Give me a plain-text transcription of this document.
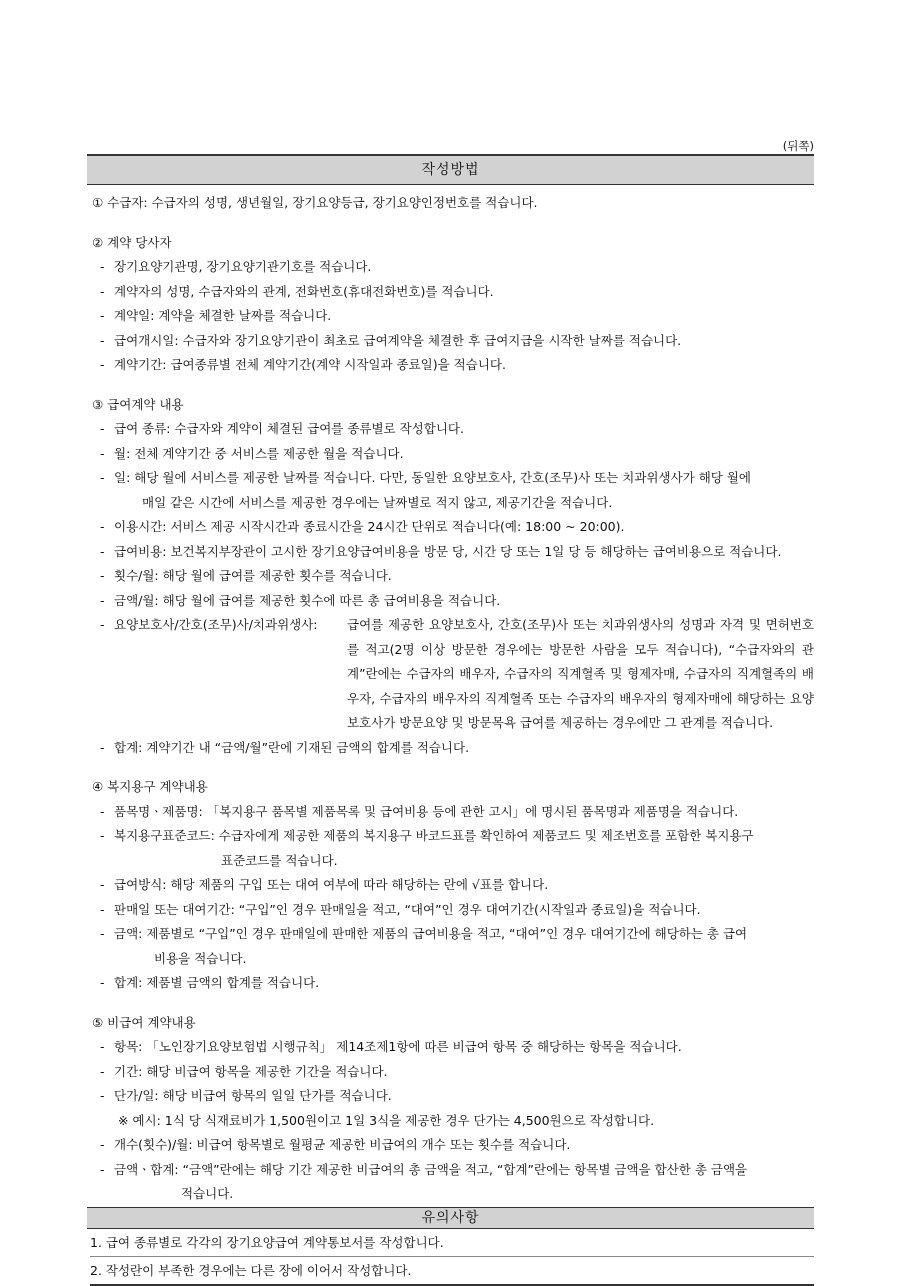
(뒤쪽)
작성방법
① 수급자: 수급자의 성명, 생년월일, 장기요양등급, 장기요양인정번호를 적습니다.
② 계약 당사자
- 장기요양기관명, 장기요양기관기호를 적습니다.
- 계약자의 성명, 수급자와의 관계, 전화번호(휴대전화번호)를 적습니다.
- 계약일: 계약을 체결한 날짜를 적습니다.
- 급여개시일: 수급자와 장기요양기관이 최초로 급여계약을 체결한 후 급여지급을 시작한 날짜를 적습니다.
- 계약기간: 급여종류별 전체 계약기간(계약 시작일과 종료일)을 적습니다.
③ 급여계약 내용
- 급여 종류: 수급자와 계약이 체결된 급여를 종류별로 작성합니다.
- 월: 전체 계약기간 중 서비스를 제공한 월을 적습니다.
- 일: 해당 월에 서비스를 제공한 날짜를 적습니다. 다만, 동일한 요양보호사, 간호(조무)사 또는 치과위생사가 해당 월에
매일 같은 시간에 서비스를 제공한 경우에는 날짜별로 적지 않고, 제공기간을 적습니다.
- 이용시간: 서비스 제공 시작시간과 종료시간을 24시간 단위로 적습니다(예: 18:00 ~ 20:00).
- 급여비용: 보건복지부장관이 고시한 장기요양급여비용을 방문 당, 시간 당 또는 1일 당 등 해당하는 급여비용으로 적습니다.
- 횟수/월: 해당 월에 급여를 제공한 횟수를 적습니다.
- 금액/월: 해당 월에 급여를 제공한 횟수에 따른 총 급여비용을 적습니다.
- 요양보호사/간호(조무)사/치과위생사: 급여를 제공한 요양보호사, 간호(조무)사 또는 치과위생사의 성명과 자격 및 면허번호를 적고(2명 이상 방문한 경우에는 방문한 사람을 모두 적습니다), “수급자와의 관계”란에는 수급자의 배우자, 수급자의 직계혈족 및 형제자매, 수급자의 직계혈족의 배우자, 수급자의 배우자의 직계혈족 또는 수급자의 배우자의 형제자매에 해당하는 요양보호사가 방문요양 및 방문목욕 급여를 제공하는 경우에만 그 관계를 적습니다.
- 합계: 계약기간 내 “금액/월”란에 기재된 금액의 합계를 적습니다.
④ 복지용구 계약내용
- 품목명ㆍ제품명: 「복지용구 품목별 제품목록 및 급여비용 등에 관한 고시」에 명시된 품목명과 제품명을 적습니다.
- 복지용구표준코드: 수급자에게 제공한 제품의 복지용구 바코드표를 확인하여 제품코드 및 제조번호를 포함한 복지용구
표준코드를 적습니다.
- 급여방식: 해당 제품의 구입 또는 대여 여부에 따라 해당하는 란에 √표를 합니다.
- 판매일 또는 대여기간: “구입”인 경우 판매일을 적고, “대여”인 경우 대여기간(시작일과 종료일)을 적습니다.
- 금액: 제품별로 “구입”인 경우 판매일에 판매한 제품의 급여비용을 적고, “대여”인 경우 대여기간에 해당하는 총 급여
비용을 적습니다.
- 합계: 제품별 금액의 합계를 적습니다.
⑤ 비급여 계약내용
- 항목: 「노인장기요양보험법 시행규칙」 제14조제1항에 따른 비급여 항목 중 해당하는 항목을 적습니다.
- 기간: 해당 비급여 항목을 제공한 기간을 적습니다.
- 단가/일: 해당 비급여 항목의 일일 단가를 적습니다.
※ 예시: 1식 당 식재료비가 1,500원이고 1일 3식을 제공한 경우 단가는 4,500원으로 작성합니다.
- 개수(횟수)/월: 비급여 항목별로 월평균 제공한 비급여의 개수 또는 횟수를 적습니다.
- 금액ㆍ합계: “금액”란에는 해당 기간 제공한 비급여의 총 금액을 적고, “합계”란에는 항목별 금액을 합산한 총 금액을
적습니다.
유의사항
1. 급여 종류별로 각각의 장기요양급여 계약통보서를 작성합니다.
2. 작성란이 부족한 경우에는 다른 장에 이어서 작성합니다.
